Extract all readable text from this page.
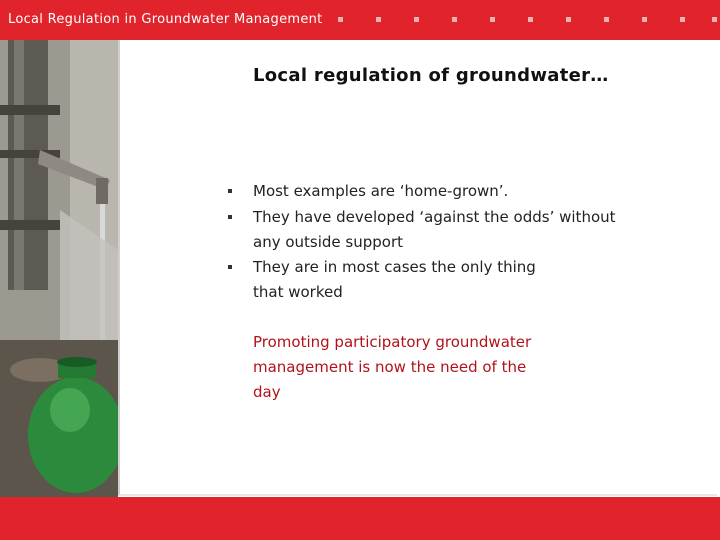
Local Regulation in Groundwater Management
Local regulation of groundwater…
Most examples are ‘home-grown’.
They have developed ‘against the odds’ without
any outside support
They are in most cases the only thing
that worked
Promoting participatory groundwater
management is now the need of the
day
